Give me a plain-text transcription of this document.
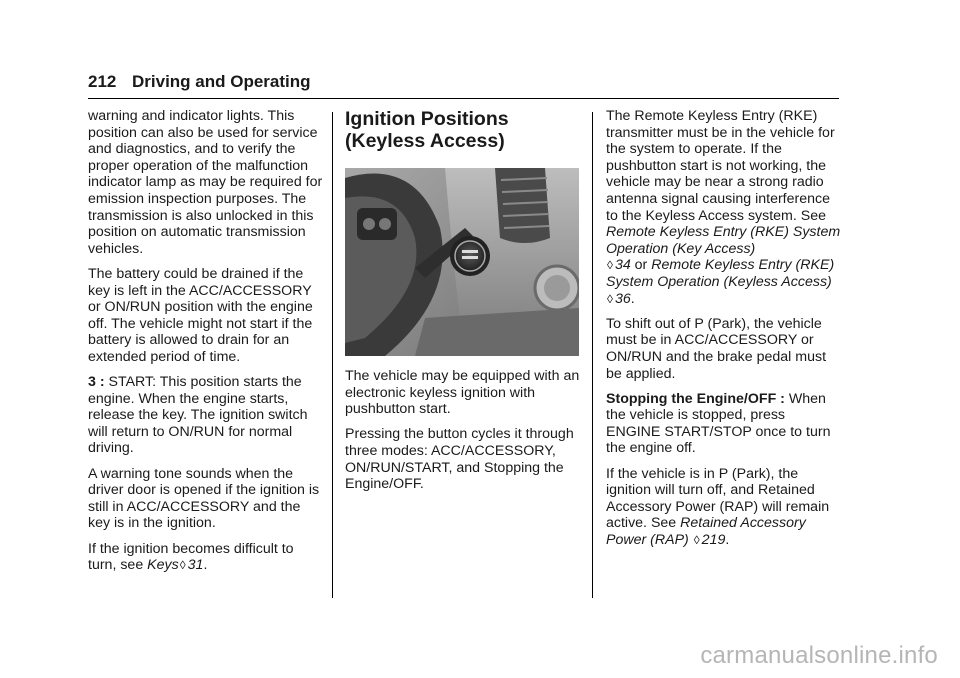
212 Driving and Operating

warning and indicator lights. This position can also be used for service and diagnostics, and to verify the proper operation of the malfunction indicator lamp as may be required for emission inspection purposes. The transmission is also unlocked in this position on automatic transmission vehicles.

The battery could be drained if the key is left in the ACC/ACCESSORY or ON/RUN position with the engine off. The vehicle might not start if the battery is allowed to drain for an extended period of time.

3 : START: This position starts the engine. When the engine starts, release the key. The ignition switch will return to ON/RUN for normal driving.

A warning tone sounds when the driver door is opened if the ignition is still in ACC/ACCESSORY and the key is in the ignition.

If the ignition becomes difficult to turn, see Keys◊ 31.

Ignition Positions
(Keyless Access)

The vehicle may be equipped with an electronic keyless ignition with pushbutton start.

Pressing the button cycles it through three modes: ACC/ACCESSORY, ON/RUN/START, and Stopping the Engine/OFF.

The Remote Keyless Entry (RKE) transmitter must be in the vehicle for the system to operate. If the pushbutton start is not working, the vehicle may be near a strong radio antenna signal causing interference to the Keyless Access system. See Remote Keyless Entry (RKE) System Operation (Key Access)
◊ 34 or Remote Keyless Entry (RKE) System Operation (Keyless Access) ◊ 36.

To shift out of P (Park), the vehicle must be in ACC/ACCESSORY or ON/RUN and the brake pedal must be applied.

Stopping the Engine/OFF : When the vehicle is stopped, press ENGINE START/STOP once to turn the engine off.

If the vehicle is in P (Park), the ignition will turn off, and Retained Accessory Power (RAP) will remain active. See Retained Accessory Power (RAP) ◊ 219.

carmanualsonline.info
